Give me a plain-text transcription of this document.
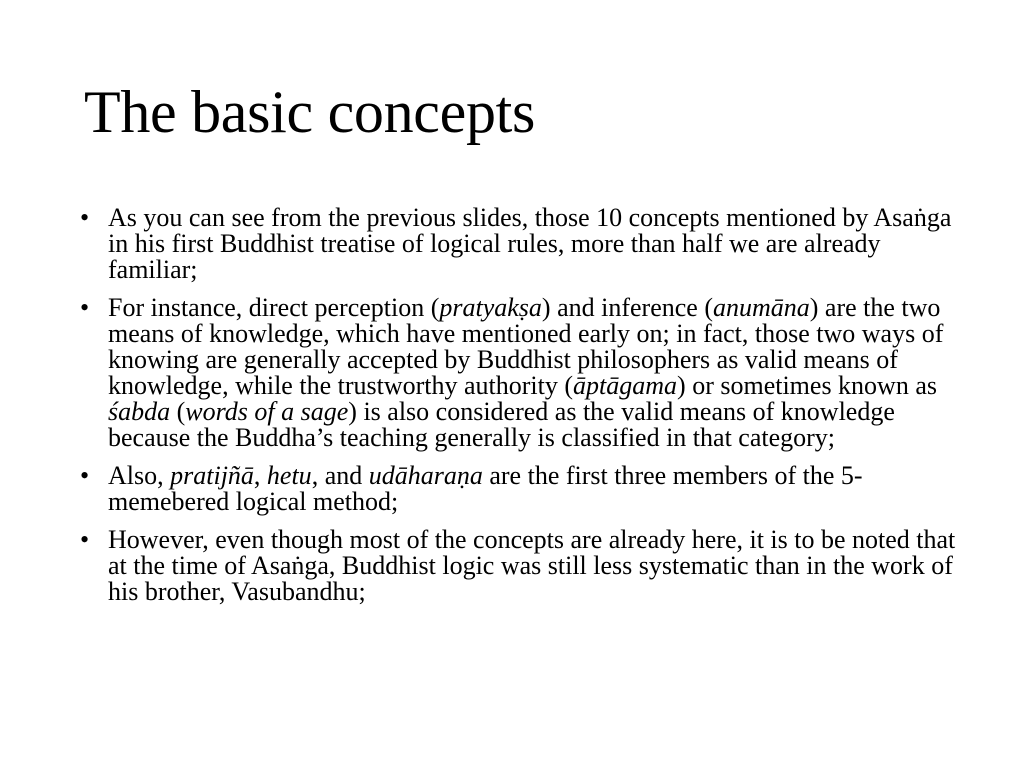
The basic concepts
• As you can see from the previous slides, those 10 concepts mentioned by Asaṅga in his first Buddhist treatise of logical rules, more than half we are already familiar;
• For instance, direct perception (pratyakṣa) and inference (anumāna) are the two means of knowledge, which have mentioned early on; in fact, those two ways of knowing are generally accepted by Buddhist philosophers as valid means of knowledge, while the trustworthy authority (āptāgama) or sometimes known as śabda (words of a sage) is also considered as the valid means of knowledge because the Buddha’s teaching generally is classified in that category;
• Also, pratijñā, hetu, and udāharaṇa are the first three members of the 5-memebered logical method;
• However, even though most of the concepts are already here, it is to be noted that at the time of Asaṅga, Buddhist logic was still less systematic than in the work of his brother, Vasubandhu;
